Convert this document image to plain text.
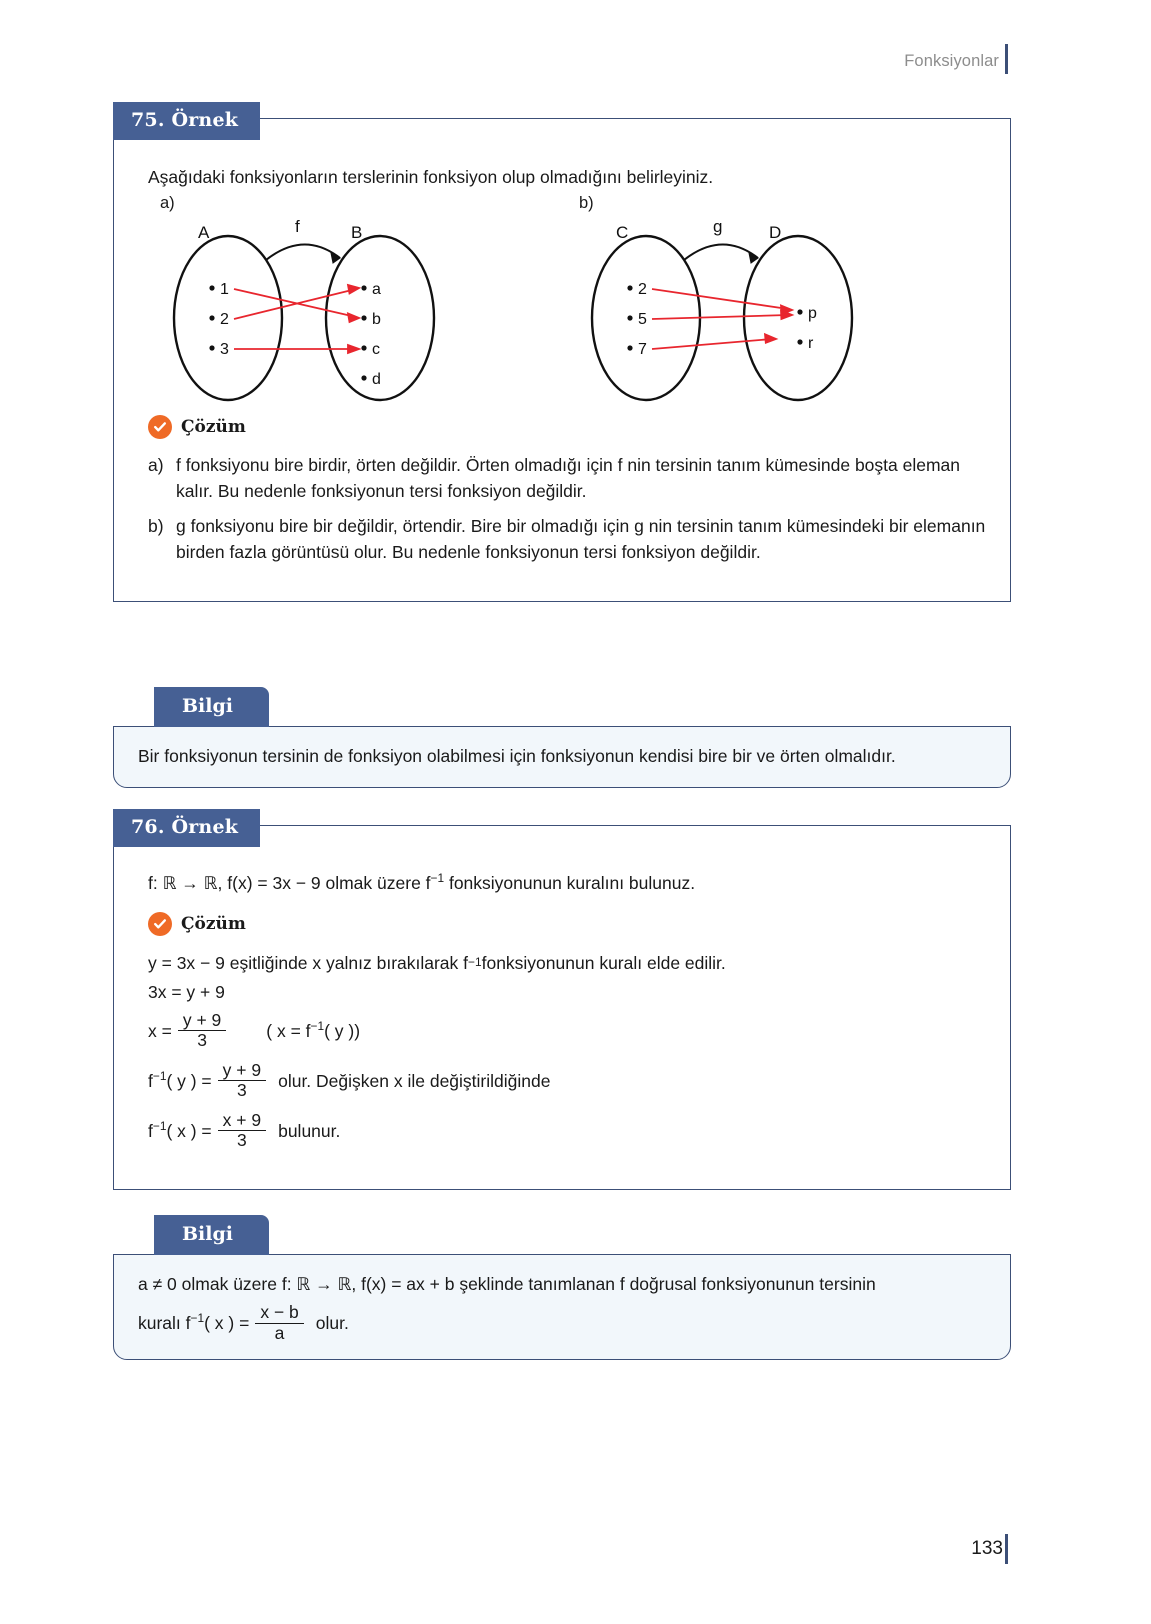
Fonksiyonlar
75. Örnek

Aşağıdaki fonksiyonların terslerinin fonksiyon olup olmadığını belirleyiniz.

a)	b)
A	B
f
1
2
3
a
b
c
d
C	D
g
2
5
7
p
r
Çözüm
a) f fonksiyonu bire birdir, örten değildir. Örten olmadığı için f nin tersinin tanım kümesinde boşta eleman kalır. Bu nedenle fonksiyonun tersi fonksiyon değildir.
b) g fonksiyonu bire bir değildir, örtendir. Bire bir olmadığı için g nin tersinin tanım kümesindeki bir elemanın birden fazla görüntüsü olur. Bu nedenle fonksiyonun tersi fonksiyon değildir.
Bilgi
Bir fonksiyonun tersinin de fonksiyon olabilmesi için fonksiyonun kendisi bire bir ve örten olmalıdır.
76. Örnek

f: ℝ → ℝ, f(x) = 3x − 9 olmak üzere $f^{-1}$ fonksiyonunun kuralını bulunuz.

Çözüm
y = 3x − 9 eşitliğinde x yalnız bırakılarak f −1 fonksiyonunun kuralı elde edilir.
3x = y + 9
$x = \frac{y + 9}{3}$ ( $x = f^{-1}$( y ))
$f^{-1}$( y ) = $\frac{y + 9}{3}$ olur. Değişken x ile değiştirildiğinde
$f^{-1}$( x ) = $\frac{x + 9}{3}$ bulunur.
Bilgi
a ≠ 0 olmak üzere f: ℝ → ℝ, f(x) = ax + b şeklinde tanımlanan f doğrusal fonksiyonunun tersinin
kuralı $f^{-1}$( x ) = $\frac{x - b}{a}$ olur.
133
